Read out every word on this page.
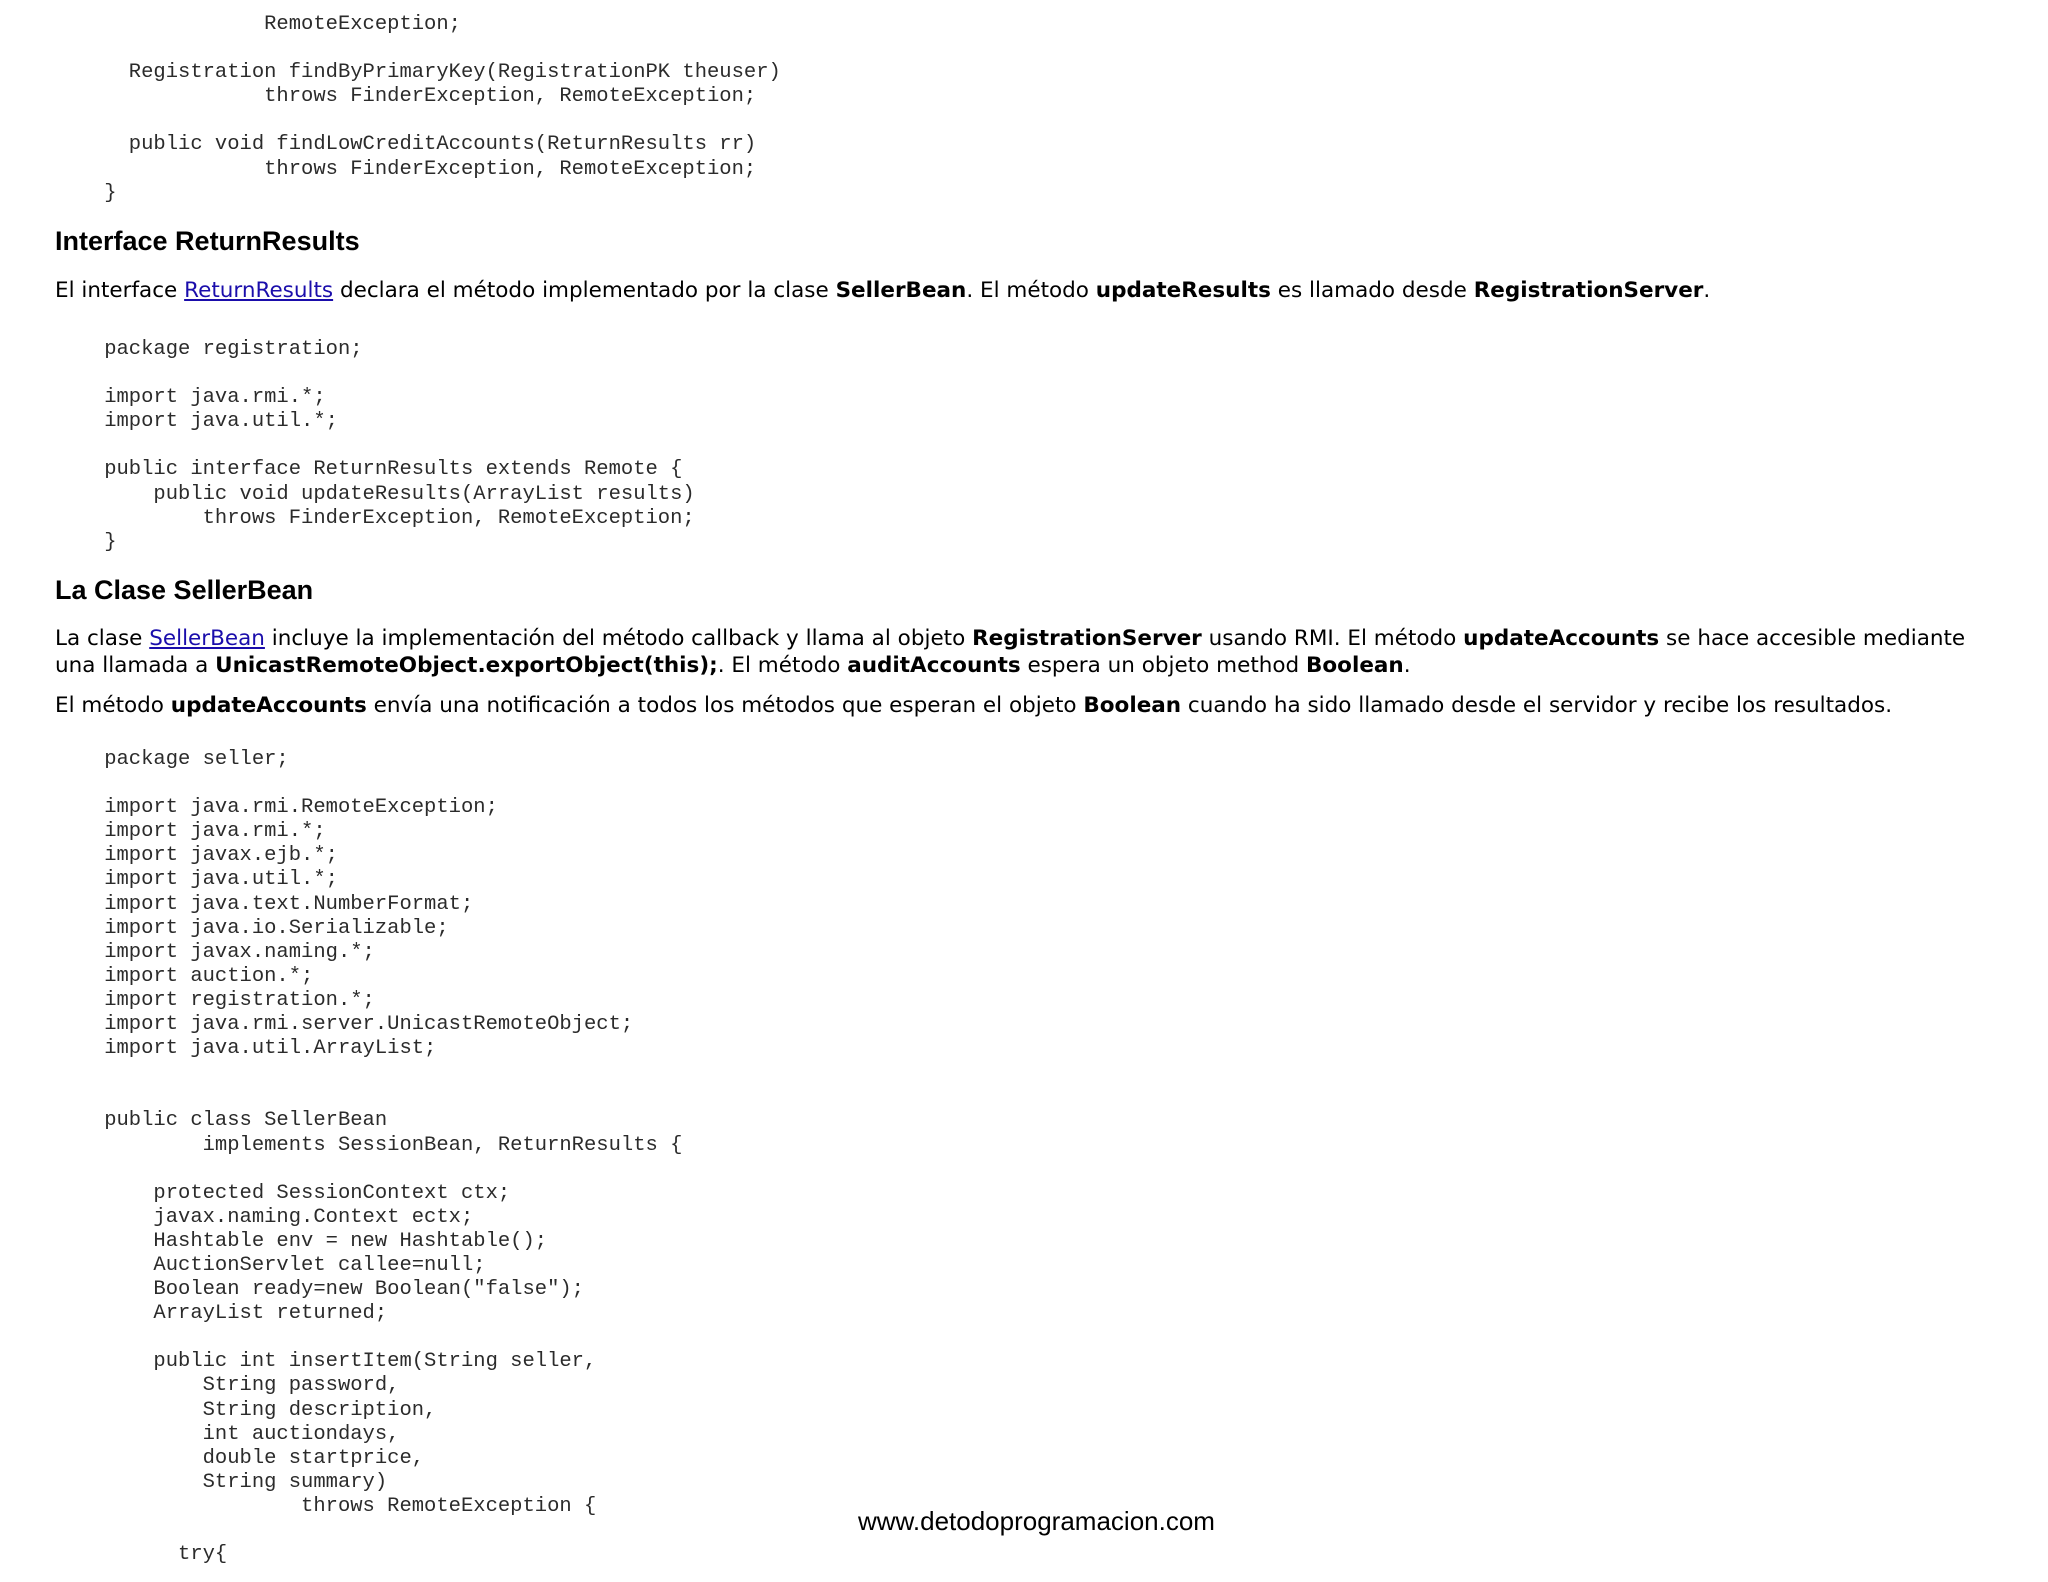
RemoteException;

Registration findByPrimaryKey(RegistrationPK theuser)
throws FinderException, RemoteException;

public void findLowCreditAccounts(ReturnResults rr)
throws FinderException, RemoteException;
}
Interface ReturnResults

El interface ReturnResults declara el método implementado por la clase SellerBean. El método updateResults es llamado desde RegistrationServer.

package registration;

import java.rmi.*;
import java.util.*;

public interface ReturnResults extends Remote {
public void updateResults(ArrayList results)
throws FinderException, RemoteException;
}
La Clase SellerBean

La clase SellerBean incluye la implementación del método callback y llama al objeto RegistrationServer usando RMI. El método updateAccounts se hace accesible mediante una llamada a UnicastRemoteObject.exportObject(this);. El método auditAccounts espera un objeto method Boolean.

El método updateAccounts envía una notificación a todos los métodos que esperan el objeto Boolean cuando ha sido llamado desde el servidor y recibe los resultados.

package seller;

import java.rmi.RemoteException;
import java.rmi.*;
import javax.ejb.*;
import java.util.*;
import java.text.NumberFormat;
import java.io.Serializable;
import javax.naming.*;
import auction.*;
import registration.*;
import java.rmi.server.UnicastRemoteObject;
import java.util.ArrayList;

public class SellerBean
implements SessionBean, ReturnResults {

protected SessionContext ctx;
javax.naming.Context ectx;
Hashtable env = new Hashtable();
AuctionServlet callee=null;
Boolean ready=new Boolean("false");
ArrayList returned;

public int insertItem(String seller,
String password,
String description,
int auctiondays,
double startprice,
String summary)
throws RemoteException {

try{
www.detodoprogramacion.com
